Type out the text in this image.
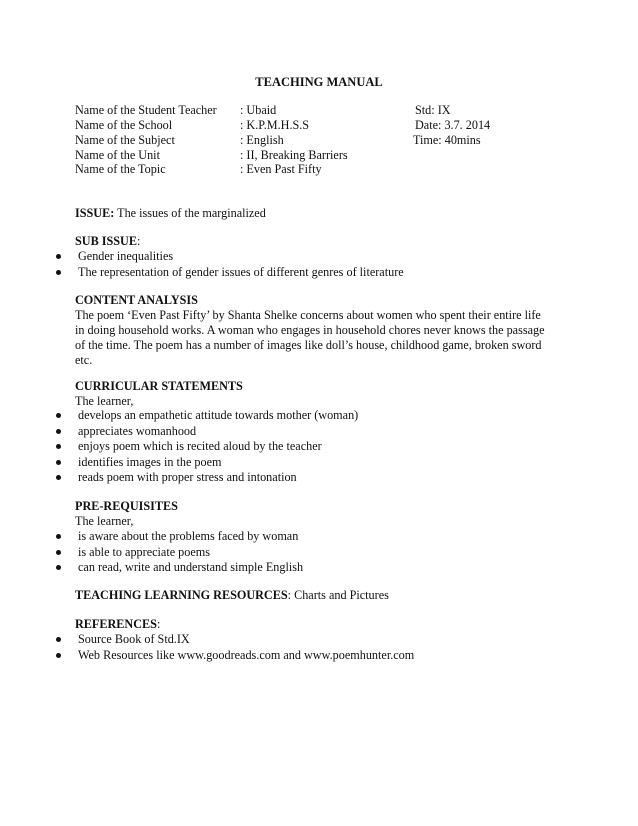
TEACHING MANUAL
Name of the Student Teacher : Ubaid	Std: IX
Name of the School	: K.P.M.H.S.S	Date: 3.7. 2014
Name of the Subject	: English	Time: 40mins
Name of the Unit	: II, Breaking Barriers
Name of the Topic	: Even Past Fifty
ISSUE: The issues of the marginalized
SUB ISSUE:
Gender inequalities
The representation of gender issues of different genres of literature
CONTENT ANALYSIS
The poem ‘Even Past Fifty’ by Shanta Shelke concerns about women who spent their entire life
in doing household works. A woman who engages in household chores never knows the passage
of the time. The poem has a number of images like doll’s house, childhood game, broken sword
etc.
CURRICULAR STATEMENTS
The learner,
develops an empathetic attitude towards mother (woman)
appreciates womanhood
enjoys poem which is recited aloud by the teacher
identifies images in the poem
reads poem with proper stress and intonation
PRE-REQUISITES
The learner,
is aware about the problems faced by woman
is able to appreciate poems
can read, write and understand simple English
TEACHING LEARNING RESOURCES: Charts and Pictures
REFERENCES:
Source Book of Std.IX
Web Resources like www.goodreads.com and www.poemhunter.com
